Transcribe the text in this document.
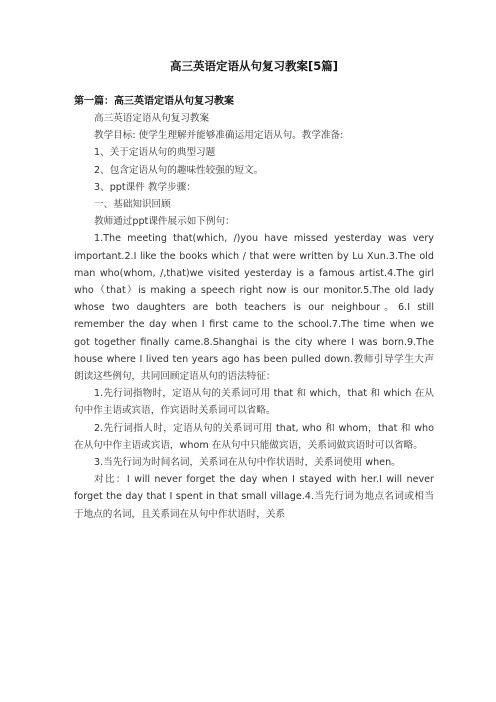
高三英语定语从句复习教案[5篇]

第一篇：高三英语定语从句复习教案

高三英语定语从句复习教案

教学目标: 使学生理解并能够准确运用定语从句。教学准备:

1、关于定语从句的典型习题

2、包含定语从句的趣味性较强的短文。

3、ppt课件 教学步骤：

一、基础知识回顾

教师通过ppt课件展示如下例句：

1.The meeting that(which, /)you have missed yesterday was very important.2.I like the books which / that were written by Lu Xun.3.The old man who(whom, /,that)we visited yesterday is a famous artist.4.The girl who（that）is making a speech right now is our monitor.5.The old lady whose two daughters are both teachers is our neighbour。6.I still remember the day when I first came to the school.7.The time when we got together finally came.8.Shanghai is the city where I was born.9.The house where I lived ten years ago has been pulled down.教师引导学生大声朗读这些例句，共同回顾定语从句的语法特征：

1.先行词指物时，定语从句的关系词可用 that 和 which，that 和 which 在从句中作主语或宾语，作宾语时关系词可以省略。

2.先行词指人时，定语从句的关系词可用 that, who 和 whom，that 和 who 在从句中作主语或宾语，whom 在从句中只能做宾语，关系词做宾语时可以省略。

3.当先行词为时间名词，关系词在从句中作状语时，关系词使用 when。

对比：I will never forget the day when I stayed with her.I will never forget the day that I spent in that small village.4.当先行词为地点名词或相当于地点的名词，且关系词在从句中作状语时，关系
